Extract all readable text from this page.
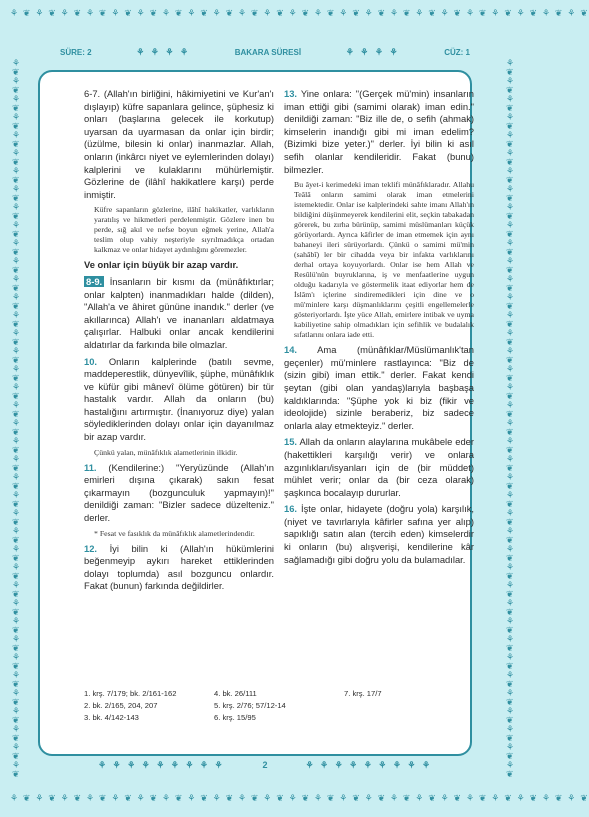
⚘ ❦ ⚘ ❦ ⚘ ❦ ⚘ ❦ ⚘ ❦ ⚘ ❦ ⚘ ❦ ⚘ ❦ ⚘ ❦ ⚘ ❦ ⚘ ❦ ⚘ ❦ ⚘ ❦ ⚘ ❦ ⚘ ❦ ⚘ ❦ ⚘ ❦ ⚘ ❦ ⚘ ❦ ⚘ ❦ ⚘ ❦ ⚘ ❦ ⚘ ❦
⚘ ❦ ⚘ ❦ ⚘ ❦ ⚘ ❦ ⚘ ❦ ⚘ ❦ ⚘ ❦ ⚘ ❦ ⚘ ❦ ⚘ ❦ ⚘ ❦ ⚘ ❦ ⚘ ❦ ⚘ ❦ ⚘ ❦ ⚘ ❦ ⚘ ❦ ⚘ ❦ ⚘ ❦ ⚘ ❦ ⚘ ❦ ⚘ ❦ ⚘ ❦
⚘❦⚘❦⚘❦⚘❦⚘❦⚘❦⚘❦⚘❦⚘❦⚘❦⚘❦⚘❦⚘❦⚘❦⚘❦⚘❦⚘❦⚘❦⚘❦⚘❦⚘❦⚘❦⚘❦⚘❦⚘❦⚘❦⚘❦⚘❦⚘❦⚘❦⚘❦⚘❦⚘❦⚘❦⚘❦⚘❦⚘❦⚘❦⚘❦⚘❦
⚘❦⚘❦⚘❦⚘❦⚘❦⚘❦⚘❦⚘❦⚘❦⚘❦⚘❦⚘❦⚘❦⚘❦⚘❦⚘❦⚘❦⚘❦⚘❦⚘❦⚘❦⚘❦⚘❦⚘❦⚘❦⚘❦⚘❦⚘❦⚘❦⚘❦⚘❦⚘❦⚘❦⚘❦⚘❦⚘❦⚘❦⚘❦⚘❦⚘❦
SÜRE: 2	⚘ ⚘ ⚘ ⚘	BAKARA SÜRESİ	⚘ ⚘ ⚘ ⚘	CÜZ: 1

6-7. (Allah'ın birliğini, hâkimiyetini ve Kur'an'ı dışlayıp) küfre sapanlara gelince, şüphesiz ki onları (başlarına gelecek ile korkutup) uyarsan da uyarmasan da onlar için birdir; (üzülme, bilesin ki onlar) inanmazlar. Allah, onların (inkârcı niyet ve eylemlerinden dolayı) kalplerini ve kulaklarını mühürlemiştir. Gözlerine de (ilâhî hakikatlere karşı) perde inmiştir.

Küfre sapanların gözlerine, ilâhî hakikatler, varlıkların yaratılış ve hikmetleri perdelenmiştir. Gözlere inen bu perde, sığ akıl ve nefse boyun eğmek yerine, Allah'a teslim olup vahiy neşteriyle sıyrılmadıkça ortadan kalkmaz ve onlar hidayet aydınlığını göremezler.

Ve onlar için büyük bir azap vardır.

8-9. İnsanların bir kısmı da (münâfıktırlar; onlar kalpten) inanmadıkları halde (dilden), "Allah'a ve âhiret gününe inandık." derler (ve akıllarınca) Allah'ı ve inananları aldatmaya çalışırlar. Halbuki onlar ancak kendilerini aldatırlar da farkında bile olmazlar.

10. Onların kalplerinde (batılı sevme, maddeperestlik, dünyevîlik, şüphe, münâfıklık ve küfür gibi mânevî ölüme götüren) bir tür hastalık vardır. Allah da onların (bu) hastalığını artırmıştır. (İnanıyoruz diye) yalan söylediklerinden dolayı onlar için dayanılmaz bir azap vardır.

Çünkü yalan, münâfıklık alametlerinin ilkidir.

11. (Kendilerine:) "Yeryüzünde (Allah'ın emirleri dışına çıkarak) sakın fesat çıkarmayın (bozgunculuk yapmayın)!" denildiği zaman: "Bizler sadece düzelteniz." derler.

* Fesat ve fasıklık da münâfıklık alametlerindendir.

12. İyi bilin ki (Allah'ın hükümlerini beğenmeyip aykırı hareket ettiklerinden dolayı toplumda) asıl bozguncu onlardır. Fakat (bunun) farkında değildirler.

13. Yine onlara: "(Gerçek mü'min) insanların iman ettiği gibi (samimi olarak) iman edin." denildiği zaman: "Biz ille de, o sefih (ahmak) kimselerin inandığı gibi mi iman edelim? (Bizimki bize yeter.)" derler. İyi bilin ki asıl sefih olanlar kendileridir. Fakat (bunu) bilmezler.

Bu âyet-i kerimedeki iman teklifi münâfıklaradır. Allahu Teâlâ onların samimi olarak iman etmelerini istemektedir. Onlar ise kalplerindeki sahte imanı Allah'ın bildiğini düşünmeyerek kendilerini elit, seçkin tabakadan görerek, bu zırha bürünüp, samimi müslümanları küçük görüyorlardı. Ayrıca kâfirler de iman etmemek için aynı bahaneyi ileri sürüyorlardı. Çünkü o samimi mü'min (sahâbî) ler bir cihadda veya bir infakta varlıklarını derhal ortaya koyuyorlardı. Onlar ise hem Allah ve Resûlü'nün buyruklarına, iş ve menfaatlerine uygun olduğu kadarıyla ve göstermelik itaat ediyorlar hem de İslâm'ı içlerine sindiremedikleri için dine ve o mü'minlere karşı düşmanlıklarını çeşitli engellemelerle gösteriyorlardı. İşte yüce Allah, emirlere intibak ve uyma kabiliyetine sahip olmadıkları için sefihlik ve budalalık sıfatlarını onlara iade etti.

14. Ama (münâfıklar/Müslümanlık'tan geçenler) mü'minlere rastlayınca: "Biz de (sizin gibi) iman ettik." derler. Fakat kendi şeytan (gibi olan yandaş)larıyla başbaşa kaldıklarında: "Şüphe yok ki biz (fikir ve ideolojide) sizinle beraberiz, biz sadece onlarla alay etmekteyiz." derler.

15. Allah da onların alaylarına mukâbele eder (hakettikleri karşılığı verir) ve onlara azgınlıkları/isyanları için de (bir müddet) mühlet verir; onlar da (bir ceza olarak) şaşkınca bocalayıp dururlar.

16. İşte onlar, hidayete (doğru yola) karşılık, (niyet ve tavırlarıyla kâfirler safına yer alıp) sapıklığı satın alan (tercih eden) kimselerdir ki onların (bu) alışverişi, kendilerine kâr sağlamadığı gibi doğru yolu da bulamadılar.

1. krş. 7/179; bk. 2/161-162	4. bk. 26/111	7. krş. 17/7
2. bk. 2/165, 204, 207	5. krş. 2/76; 57/12-14
3. bk. 4/142-143	6. krş. 15/95
⚘ ⚘ ⚘ ⚘ ⚘ ⚘ ⚘ ⚘ ⚘	2	⚘ ⚘ ⚘ ⚘ ⚘ ⚘ ⚘ ⚘ ⚘
